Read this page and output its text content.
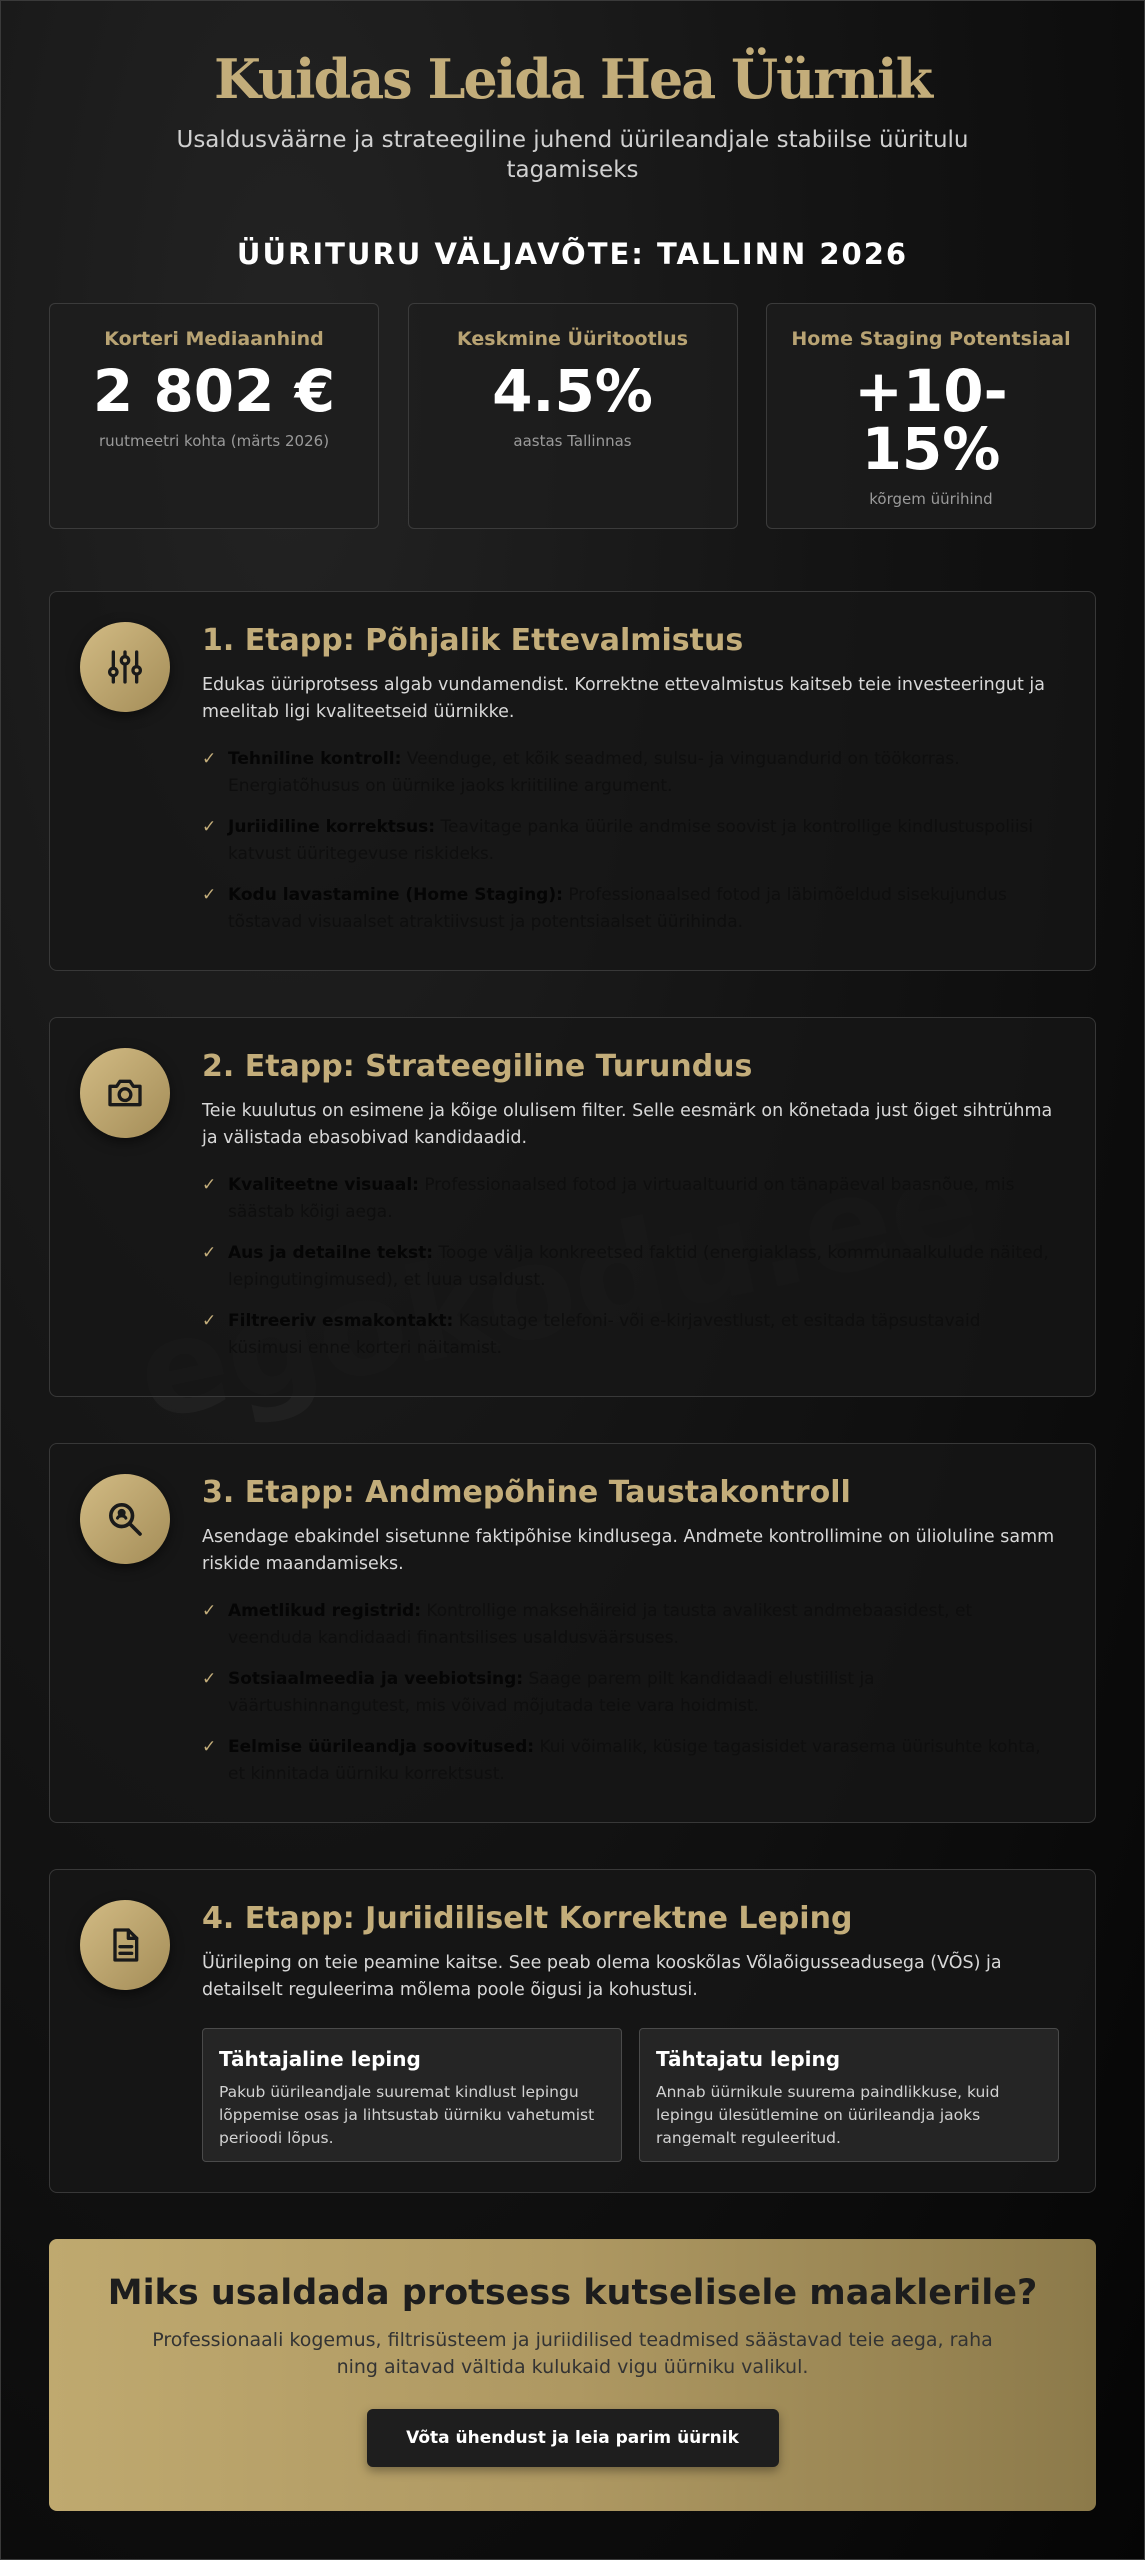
Kuidas Leida Hea Üürnik

Usaldusväärne ja strateegiline juhend üürileandjale stabiilse üüritulu tagamiseks

ÜÜRITURU VÄLJAVÕTE: TALLINN 2026
Korteri Mediaanhind
2 802 €
ruutmeetri kohta (märts 2026)
Keskmine Üüritootlus
4.5%
aastas Tallinnas
Home Staging Potentsiaal
+10-15%
kõrgem üürihind
1. Etapp: Põhjalik Ettevalmistus

Edukas üüriprotsess algab vundamendist. Korrektne ettevalmistus kaitseb teie investeeringut ja meelitab ligi kvaliteetseid üürnikke.

✓ Tehniline kontroll: Veenduge, et kõik seadmed, sulsu- ja vinguandurid on töökorras. Energiatõhusus on üürnike jaoks kriitiline argument.
✓ Juriidiline korrektsus: Teavitage panka üürile andmise soovist ja kontrollige kindlustuspoliisi katvust üüritegevuse riskideks.
✓ Kodu lavastamine (Home Staging): Professionaalsed fotod ja läbimõeldud sisekujundus tõstavad visuaalset atraktiivsust ja potentsiaalset üürihinda.
2. Etapp: Strateegiline Turundus

Teie kuulutus on esimene ja kõige olulisem filter. Selle eesmärk on kõnetada just õiget sihtrühma ja välistada ebasobivad kandidaadid.

✓ Kvaliteetne visuaal: Professionaalsed fotod ja virtuaaltuurid on tänapäeval baasnõue, mis säästab kõigi aega.
✓ Aus ja detailne tekst: Tooge välja konkreetsed faktid (energiaklass, kommunaalkulude näited, lepingutingimused), et luua usaldust.
✓ Filtreeriv esmakontakt: Kasutage telefoni- või e-kirjavestlust, et esitada täpsustavaid küsimusi enne korteri näitamist.
3. Etapp: Andmepõhine Taustakontroll

Asendage ebakindel sisetunne faktipõhise kindlusega. Andmete kontrollimine on ülioluline samm riskide maandamiseks.

✓ Ametlikud registrid: Kontrollige maksehäireid ja tausta avalikest andmebaasidest, et veenduda kandidaadi finantsilises usaldusväärsuses.
✓ Sotsiaalmeedia ja veebiotsing: Saage parem pilt kandidaadi elustiilist ja väärtushinnangutest, mis võivad mõjutada teie vara hoidmist.
✓ Eelmise üürileandja soovitused: Kui võimalik, küsige tagasisidet varasema üürisuhte kohta, et kinnitada üürniku korrektsust.
4. Etapp: Juriidiliselt Korrektne Leping

Üürileping on teie peamine kaitse. See peab olema kooskõlas Võlaõigusseadusega (VÕS) ja detailselt reguleerima mõlema poole õigusi ja kohustusi.

Tähtajaline leping

Pakub üürileandjale suuremat kindlust lepingu lõppemise osas ja lihtsustab üürniku vahetumist perioodi lõpus.

Tähtajatu leping

Annab üürnikule suurema paindlikkuse, kuid lepingu ülesütlemine on üürileandja jaoks rangemalt reguleeritud.

Miks usaldada protsess kutselisele maaklerile?

Professionaali kogemus, filtrisüsteem ja juriidilised teadmised säästavad teie aega, raha ning aitavad vältida kulukaid vigu üürniku valikul.

Võta ühendust ja leia parim üürnik
